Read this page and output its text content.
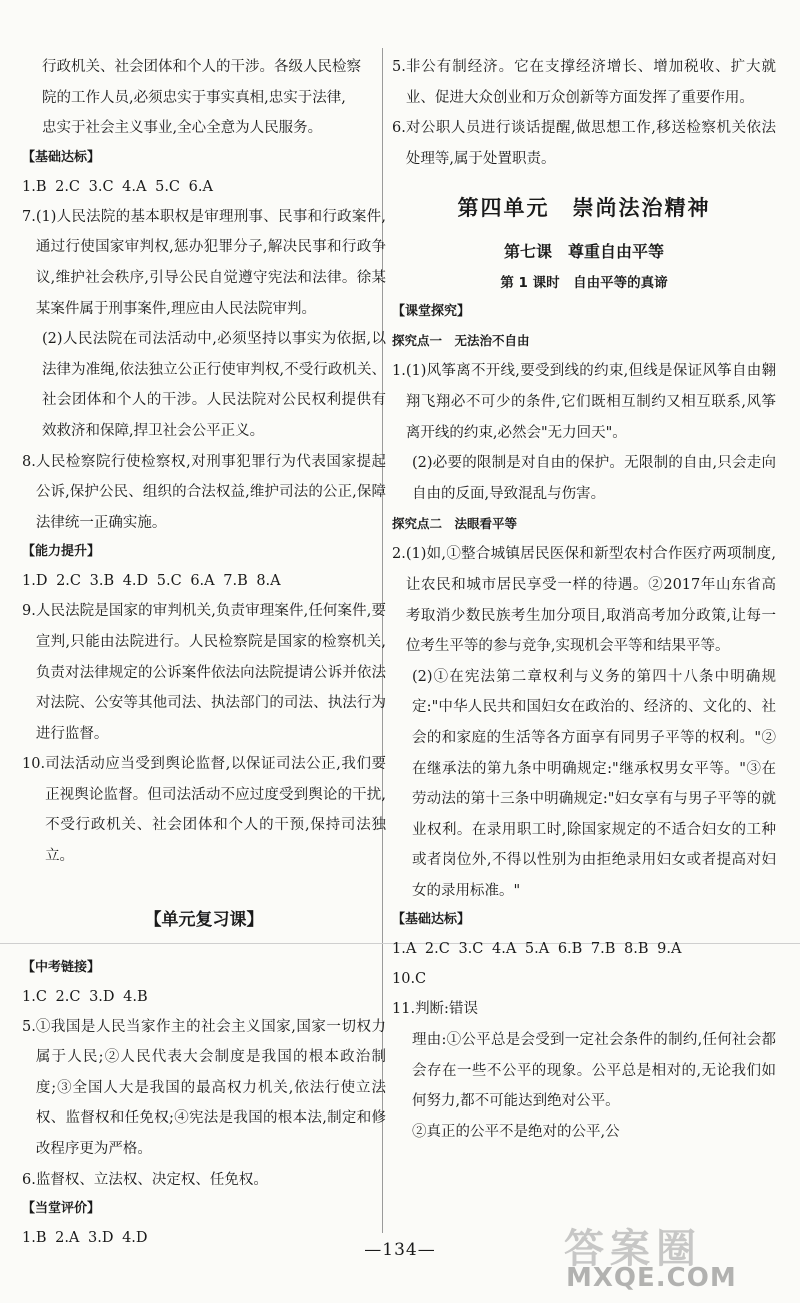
行政机关、社会团体和个人的干涉。各级人民检察
院的工作人员,必须忠实于事实真相,忠实于法律,
忠实于社会主义事业,全心全意为人民服务。
【基础达标】
1.B 2.C 3.C 4.A 5.C 6.A
7. (1)人民法院的基本职权是审理刑事、民事和行政案件,通过行使国家审判权,惩办犯罪分子,解决民事和行政争议,维护社会秩序,引导公民自觉遵守宪法和法律。徐某某案件属于刑事案件,理应由人民法院审判。
(2)人民法院在司法活动中,必须坚持以事实为依据,以法律为准绳,依法独立公正行使审判权,不受行政机关、社会团体和个人的干涉。人民法院对公民权利提供有效救济和保障,捍卫社会公平正义。
8. 人民检察院行使检察权,对刑事犯罪行为代表国家提起公诉,保护公民、组织的合法权益,维护司法的公正,保障法律统一正确实施。
【能力提升】
1.D 2.C 3.B 4.D 5.C 6.A 7.B 8.A
9. 人民法院是国家的审判机关,负责审理案件,任何案件,要宣判,只能由法院进行。人民检察院是国家的检察机关,负责对法律规定的公诉案件依法向法院提请公诉并依法对法院、公安等其他司法、执法部门的司法、执法行为进行监督。
10. 司法活动应当受到舆论监督,以保证司法公正,我们要正视舆论监督。但司法活动不应过度受到舆论的干扰,不受行政机关、社会团体和个人的干预,保持司法独立。
【单元复习课】
【中考链接】
1.C 2.C 3.D 4.B
5. ①我国是人民当家作主的社会主义国家,国家一切权力属于人民;②人民代表大会制度是我国的根本政治制度;③全国人大是我国的最高权力机关,依法行使立法权、监督权和任免权;④宪法是我国的根本法,制定和修改程序更为严格。
6. 监督权、立法权、决定权、任免权。
【当堂评价】
1.B 2.A 3.D 4.D
5. 非公有制经济。它在支撑经济增长、增加税收、扩大就业、促进大众创业和万众创新等方面发挥了重要作用。
6. 对公职人员进行谈话提醒,做思想工作,移送检察机关依法处理等,属于处置职责。
第四单元　崇尚法治精神
第七课　尊重自由平等
第 1 课时　自由平等的真谛
【课堂探究】
探究点一　无法治不自由
1. (1)风筝离不开线,要受到线的约束,但线是保证风筝自由翱翔飞翔必不可少的条件,它们既相互制约又相互联系,风筝离开线的约束,必然会"无力回天"。
(2)必要的限制是对自由的保护。无限制的自由,只会走向自由的反面,导致混乱与伤害。
探究点二　法眼看平等
2. (1)如,①整合城镇居民医保和新型农村合作医疗两项制度,让农民和城市居民享受一样的待遇。②2017年山东省高考取消少数民族考生加分项目,取消高考加分政策,让每一位考生平等的参与竞争,实现机会平等和结果平等。
(2)①在宪法第二章权利与义务的第四十八条中明确规定:"中华人民共和国妇女在政治的、经济的、文化的、社会的和家庭的生活等各方面享有同男子平等的权利。"②在继承法的第九条中明确规定:"继承权男女平等。"③在劳动法的第十三条中明确规定:"妇女享有与男子平等的就业权利。在录用职工时,除国家规定的不适合妇女的工种或者岗位外,不得以性别为由拒绝录用妇女或者提高对妇女的录用标准。"
【基础达标】
1.A 2.C 3.C 4.A 5.A 6.B 7.B 8.B 9.A
10.C
11. 判断:错误
理由:①公平总是会受到一定社会条件的制约,任何社会都会存在一些不公平的现象。公平总是相对的,无论我们如何努力,都不可能达到绝对公平。
②真正的公平不是绝对的公平,公
—134—	答案圈
MXQE.COM
